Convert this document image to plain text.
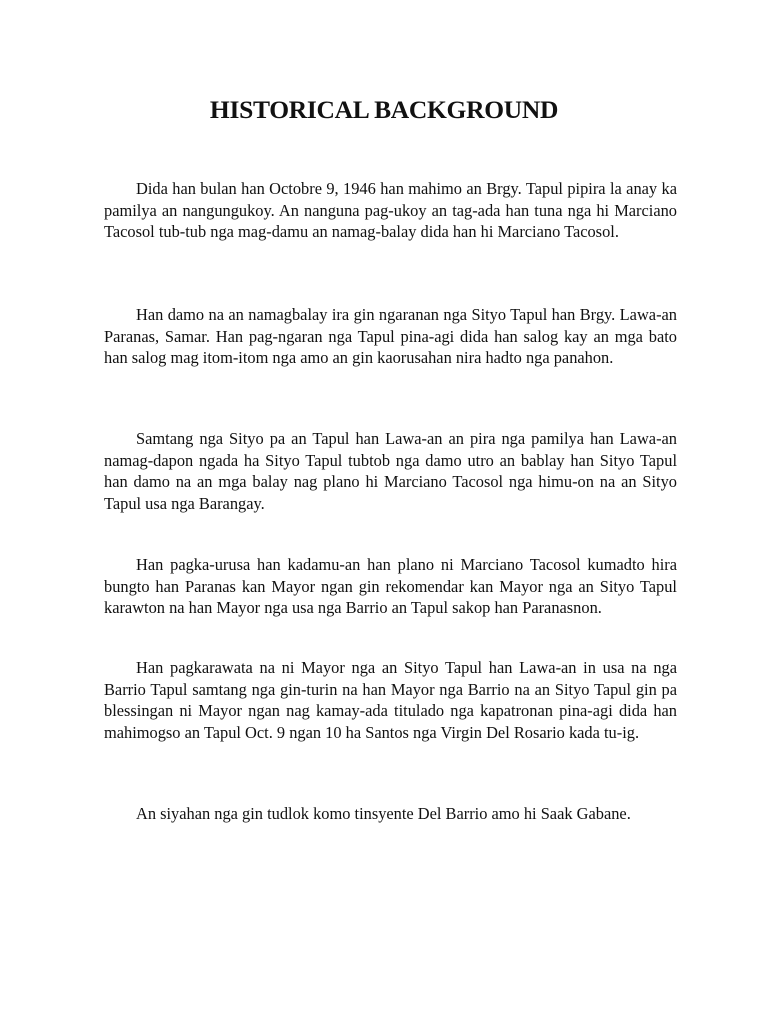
HISTORICAL BACKGROUND

Dida han bulan han Octobre 9, 1946 han mahimo an Brgy. Tapul pipira la anay ka pamilya an nangungukoy. An nanguna pag-ukoy an tag-ada han tuna nga hi Marciano Tacosol tub-tub nga mag-damu an namag-balay dida han hi Marciano Tacosol.

Han damo na an namagbalay ira gin ngaranan nga Sityo Tapul han Brgy. Lawa-an Paranas, Samar. Han pag-ngaran nga Tapul pina-agi dida han salog kay an mga bato han salog mag itom-itom nga amo an gin kaorusahan nira hadto nga panahon.

Samtang nga Sityo pa an Tapul han Lawa-an an pira nga pamilya han Lawa-an namag-dapon ngada ha Sityo Tapul tubtob nga damo utro an bablay han Sityo Tapul han damo na an mga balay nag plano hi Marciano Tacosol nga himu-on na an Sityo Tapul usa nga Barangay.

Han pagka-urusa han kadamu-an han plano ni Marciano Tacosol kumadto hira bungto han Paranas kan Mayor ngan gin rekomendar kan Mayor nga an Sityo Tapul karawton na han Mayor nga usa nga Barrio an Tapul sakop han Paranasnon.

Han pagkarawata na ni Mayor nga an Sityo Tapul han Lawa-an in usa na nga Barrio Tapul samtang nga gin-turin na han Mayor nga Barrio na an Sityo Tapul gin pa blessingan ni Mayor ngan nag kamay-ada titulado nga kapatronan pina-agi dida han mahimogso an Tapul Oct. 9 ngan 10 ha Santos nga Virgin Del Rosario kada tu-ig.

An siyahan nga gin tudlok komo tinsyente Del Barrio amo hi Saak Gabane.
